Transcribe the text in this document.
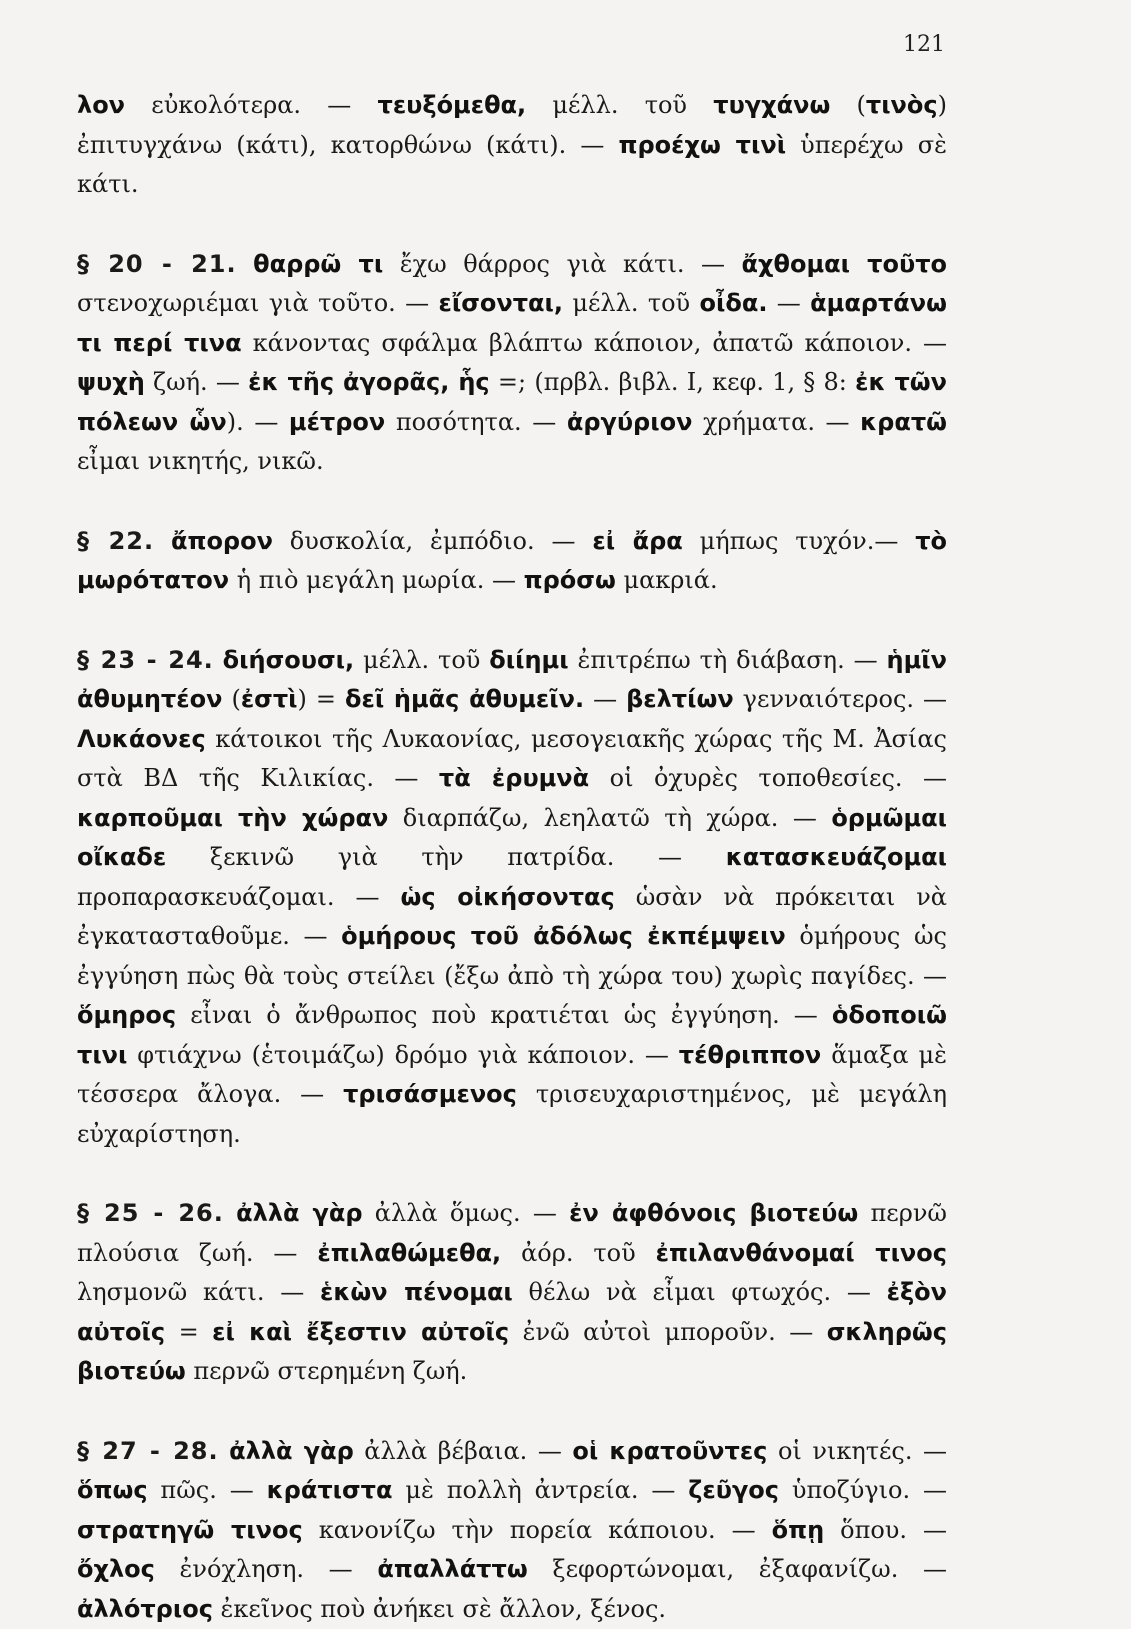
121

λον εὐκολότερα. — τευξόμεθα, μέλλ. τοῦ τυγχάνω (τινὸς) ἐπιτυγχάνω (κάτι), κατορθώνω (κάτι). — προέχω τινὶ ὑπερέχω σὲ κάτι.

§ 20 - 21. θαρρῶ τι ἔχω θάρρος γιὰ κάτι. — ἄχθομαι τοῦτο στενοχωριέμαι γιὰ τοῦτο. — εἴσονται, μέλλ. τοῦ οἶδα. — ἁμαρτάνω τι περί τινα κάνοντας σφάλμα βλάπτω κάποιον, ἀπατῶ κάποιον. — ψυχὴ ζωή. — ἐκ τῆς ἀγορᾶς, ἧς =; (πρβλ. βιβλ. I, κεφ. 1, § 8: ἐκ τῶν πόλεων ὧν). — μέτρον ποσότητα. — ἀργύριον χρήματα. — κρατῶ εἶμαι νικητής, νικῶ.

§ 22. ἄπορον δυσκολία, ἐμπόδιο. — εἰ ἄρα μήπως τυχόν.— τὸ μωρότατον ἡ πιὸ μεγάλη μωρία. — πρόσω μακριά.

§ 23 - 24. διήσουσι, μέλλ. τοῦ διίημι ἐπιτρέπω τὴ διάβαση. — ἡμῖν ἀθυμητέον (ἐστὶ) = δεῖ ἡμᾶς ἀθυμεῖν. — βελτίων γενναιότερος. — Λυκάονες κάτοικοι τῆς Λυκαονίας, μεσογειακῆς χώρας τῆς Μ. Ἀσίας στὰ ΒΔ τῆς Κιλικίας. — τὰ ἐρυμνὰ οἱ ὀχυρὲς τοποθεσίες. — καρποῦμαι τὴν χώραν διαρπάζω, λεηλατῶ τὴ χώρα. — ὁρμῶμαι οἴκαδε ξεκινῶ γιὰ τὴν πατρίδα. — κατασκευάζομαι προπαρασκευάζομαι. — ὡς οἰκήσοντας ὡσὰν νὰ πρόκειται νὰ ἐγκατασταθοῦμε. — ὁμήρους τοῦ ἀδόλως ἐκπέμψειν ὁμήρους ὡς ἐγγύηση πὼς θὰ τοὺς στείλει (ἔξω ἀπὸ τὴ χώρα του) χωρὶς παγίδες. — ὅμηρος εἶναι ὁ ἄνθρωπος ποὺ κρατιέται ὡς ἐγγύηση. — ὁδοποιῶ τινι φτιάχνω (ἑτοιμάζω) δρόμο γιὰ κάποιον. — τέθριππον ἅμαξα μὲ τέσσερα ἄλογα. — τρισάσμενος τρισευχαριστημένος, μὲ μεγάλη εὐχαρίστηση.

§ 25 - 26. ἀλλὰ γὰρ ἀλλὰ ὅμως. — ἐν ἀφθόνοις βιοτεύω περνῶ πλούσια ζωή. — ἐπιλαθώμεθα, ἀόρ. τοῦ ἐπιλανθάνομαί τινος λησμονῶ κάτι. — ἑκὼν πένομαι θέλω νὰ εἶμαι φτωχός. — ἐξὸν αὐτοῖς = εἰ καὶ ἔξεστιν αὐτοῖς ἐνῶ αὐτοὶ μποροῦν. — σκληρῶς βιοτεύω περνῶ στερημένη ζωή.

§ 27 - 28. ἀλλὰ γὰρ ἀλλὰ βέβαια. — οἱ κρατοῦντες οἱ νικητές. — ὅπως πῶς. — κράτιστα μὲ πολλὴ ἀντρεία. — ζεῦγος ὑποζύγιο. — στρατηγῶ τινος κανονίζω τὴν πορεία κάποιου. — ὅπῃ ὅπου. — ὄχλος ἐνόχληση. — ἀπαλλάττω ξεφορτώνομαι, ἐξαφανίζω. — ἀλλότριος ἐκεῖνος ποὺ ἀνήκει σὲ ἄλλον, ξένος.
